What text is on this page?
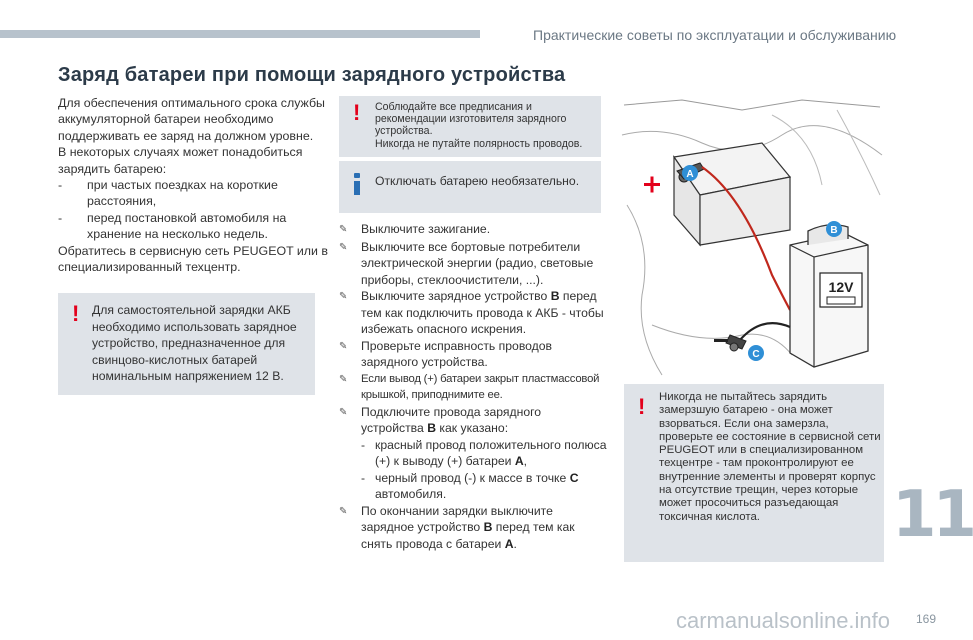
Практические советы по эксплуатации и обслуживанию
Заряд батареи при помощи зарядного устройства

Для обеспечения оптимального срока службы аккумуляторной батареи необходимо поддерживать ее заряд на должном уровне.

В некоторых случаях может понадобиться зарядить батарею:

-	при частых поездках на короткие расстояния,
-	перед постановкой автомобиля на хранение на несколько недель.

Обратитесь в сервисную сеть PEUGEOT или в специализированный техцентр.

! Для самостоятельной зарядки АКБ необходимо использовать зарядное устройство, предназначенное для свинцово-кислотных батарей номинальным напряжением 12 В.
! Соблюдайте все предписания и рекомендации изготовителя зарядного устройства.
Никогда не путайте полярность проводов.
Отключать батарею необязательно.
✎	Выключите зажигание.
✎	Выключите все бортовые потребители электрической энергии (радио, световые приборы, стеклоочистители, ...).
✎	Выключите зарядное устройство B перед тем как подключить провода к АКБ - чтобы избежать опасного искрения.
✎	Проверьте исправность проводов зарядного устройства.
✎	Если вывод (+) батареи закрыт пластмассовой крышкой, приподнимите ее.
✎	Подключите провода зарядного устройства B как указано:
- красный провод положительного полюса (+) к выводу (+) батареи A,
- черный провод (-) к массе в точке C автомобиля.
✎	По окончании зарядки выключите зарядное устройство B перед тем как снять провода с батареи A.
A
12V
B
C
! Никогда не пытайтесь зарядить замерзшую батарею - она может взорваться. Если она замерзла, проверьте ее состояние в сервисной сети PEUGEOT или в специализированном техцентре - там проконтролируют ее внутренние элементы и проверят корпус на отсутствие трещин, через которые может просочиться разъедающая токсичная кислота.	11
carmanualsonline.info 169
